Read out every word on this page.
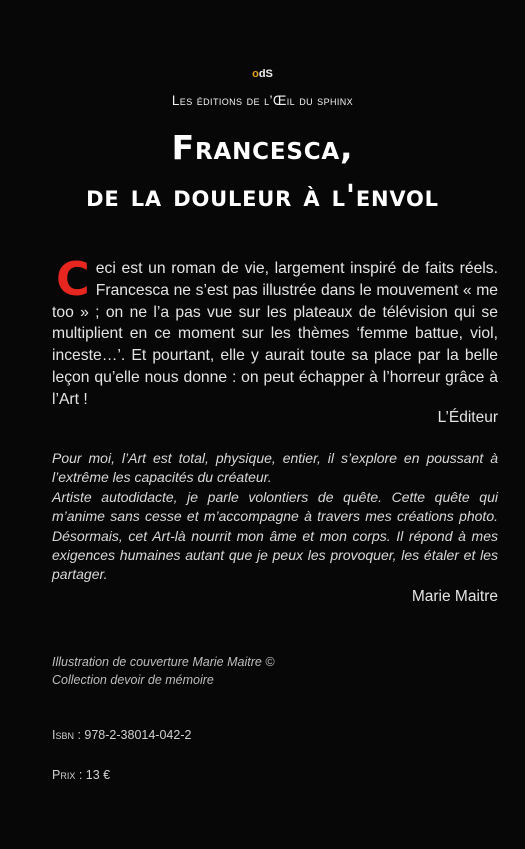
odS
Les éditions de l’Œil du sphinx
Francesca,
de la douleur à l'envol
Ceci est un roman de vie, largement inspiré de faits réels. Francesca ne s’est pas illustrée dans le mouvement « me too » ; on ne l’a pas vue sur les plateaux de télévision qui se multiplient en ce moment sur les thèmes ‘femme battue, viol, inceste…’. Et pourtant, elle y aurait toute sa place par la belle leçon qu’elle nous donne : on peut échapper à l’horreur grâce à l’Art !
L’Éditeur

Pour moi, l’Art est total, physique, entier, il s’explore en poussant à l’extrême les capacités du créateur.

Artiste autodidacte, je parle volontiers de quête. Cette quête qui m’anime sans cesse et m’accompagne à travers mes créations photo. Désormais, cet Art-là nourrit mon âme et mon corps. Il répond à mes exigences humaines autant que je peux les provoquer, les étaler et les partager.

Marie Maitre
Illustration de couverture Marie Maitre ©
Collection devoir de mémoire
Isbn : 978-2-38014-042-2
Prix : 13 €
